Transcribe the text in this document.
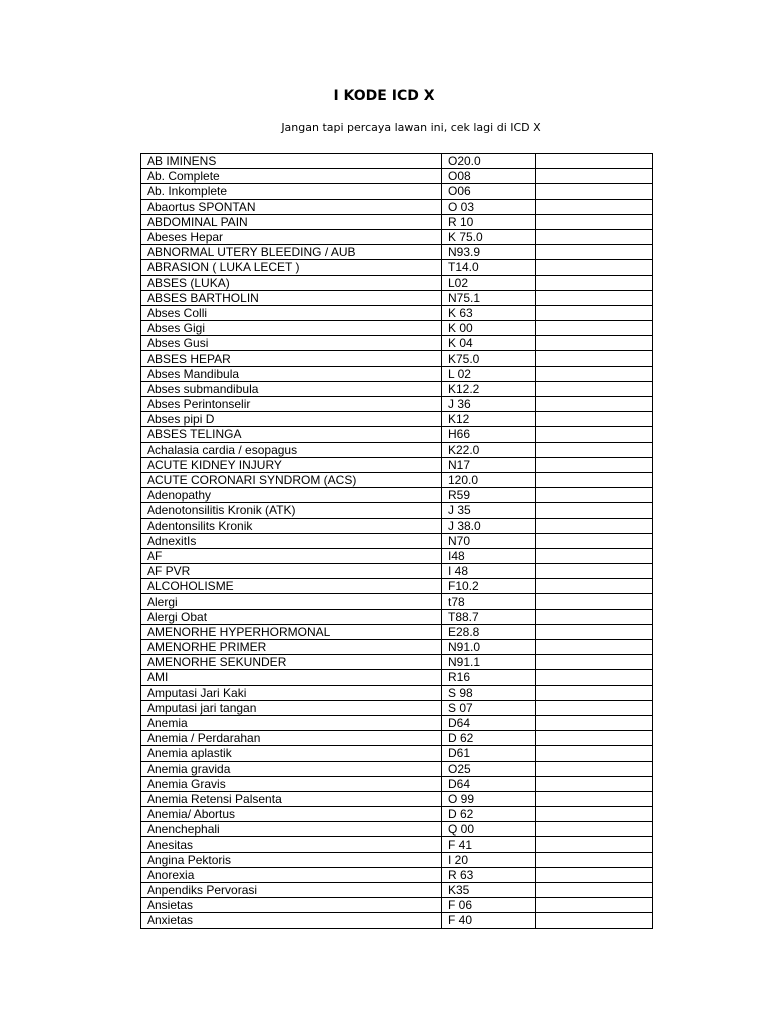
I KODE ICD X
Jangan tapi percaya lawan ini, cek lagi di ICD X
AB IMINENS	O20.0	
Ab. Complete	O08	
Ab. Inkomplete	O06	
Abaortus SPONTAN	O 03	
ABDOMINAL PAIN	R 10	
Abeses Hepar	K 75.0	
ABNORMAL UTERY BLEEDING / AUB	N93.9	
ABRASION ( LUKA LECET )	T14.0	
ABSES (LUKA)	L02	
ABSES BARTHOLIN	N75.1	
Abses Colli	K 63	
Abses Gigi	K 00	
Abses Gusi	K 04	
ABSES HEPAR	K75.0	
Abses Mandibula	L 02	
Abses submandibula	K12.2	
Abses Perintonselir	J 36	
Abses pipi D	K12	
ABSES TELINGA	H66	
Achalasia cardia / esopagus	K22.0	
ACUTE KIDNEY INJURY	N17	
ACUTE CORONARI SYNDROM (ACS)	120.0	
Adenopathy	R59	
Adenotonsilitis Kronik (ATK)	J 35	
Adentonsilits Kronik	J 38.0	
AdnexitIs	N70	
AF	I48	
AF PVR	I 48	
ALCOHOLISME	F10.2	
Alergi	t78	
Alergi Obat	T88.7	
AMENORHE HYPERHORMONAL	E28.8	
AMENORHE PRIMER	N91.0	
AMENORHE SEKUNDER	N91.1	
AMI	R16	
Amputasi Jari Kaki	S 98	
Amputasi jari tangan	S 07	
Anemia	D64	
Anemia / Perdarahan	D 62	
Anemia aplastik	D61	
Anemia gravida	O25	
Anemia Gravis	D64	
Anemia Retensi Palsenta	O 99	
Anemia/ Abortus	D 62	
Anenchephali	Q 00	
Anesitas	F 41	
Angina Pektoris	I 20	
Anorexia	R 63	
Anpendiks Pervorasi	K35	
Ansietas	F 06	
Anxietas	F 40	
